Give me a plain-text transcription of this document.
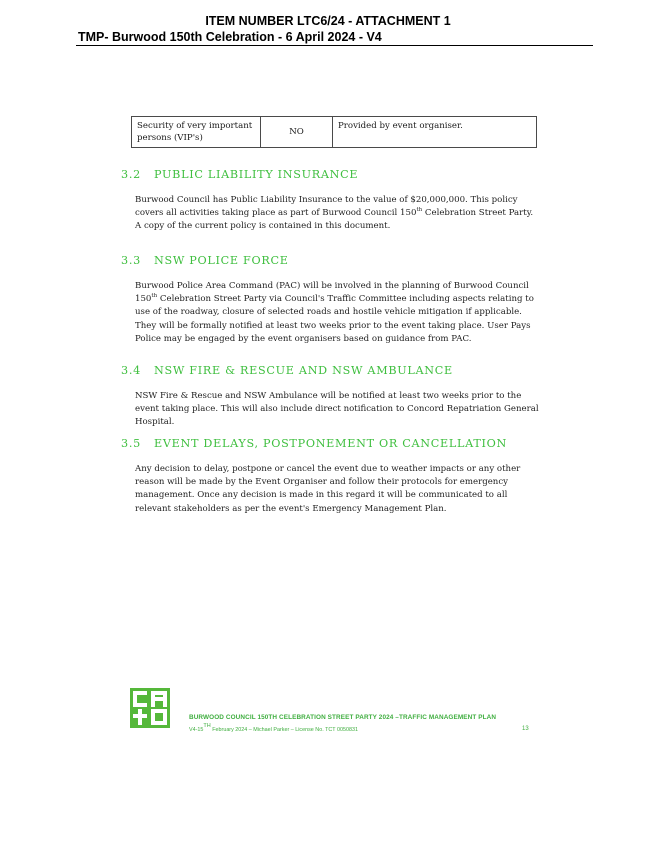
ITEM NUMBER LTC6/24 - ATTACHMENT 1
TMP- Burwood 150th Celebration - 6 April 2024 - V4
Security of very important persons (VIP's)	NO	Provided by event organiser.
3.2 PUBLIC LIABILITY INSURANCE

Burwood Council has Public Liability Insurance to the value of $20,000,000. This policy covers all activities taking place as part of Burwood Council 150th Celebration Street Party. A copy of the current policy is contained in this document.

3.3 NSW POLICE FORCE

Burwood Police Area Command (PAC) will be involved in the planning of Burwood Council 150th Celebration Street Party via Council's Traffic Committee including aspects relating to use of the roadway, closure of selected roads and hostile vehicle mitigation if applicable. They will be formally notified at least two weeks prior to the event taking place. User Pays Police may be engaged by the event organisers based on guidance from PAC.

3.4 NSW FIRE & RESCUE AND NSW AMBULANCE

NSW Fire & Rescue and NSW Ambulance will be notified at least two weeks prior to the event taking place. This will also include direct notification to Concord Repatriation General Hospital.

3.5 EVENT DELAYS, POSTPONEMENT OR CANCELLATION

Any decision to delay, postpone or cancel the event due to weather impacts or any other reason will be made by the Event Organiser and follow their protocols for emergency management. Once any decision is made in this regard it will be communicated to all relevant stakeholders as per the event's Emergency Management Plan.

BURWOOD COUNCIL 150TH CELEBRATION STREET PARTY 2024 –TRAFFIC MANAGEMENT PLAN
V4-15TH February 2024 – Michael Parker – License No. TCT 0050831	13
